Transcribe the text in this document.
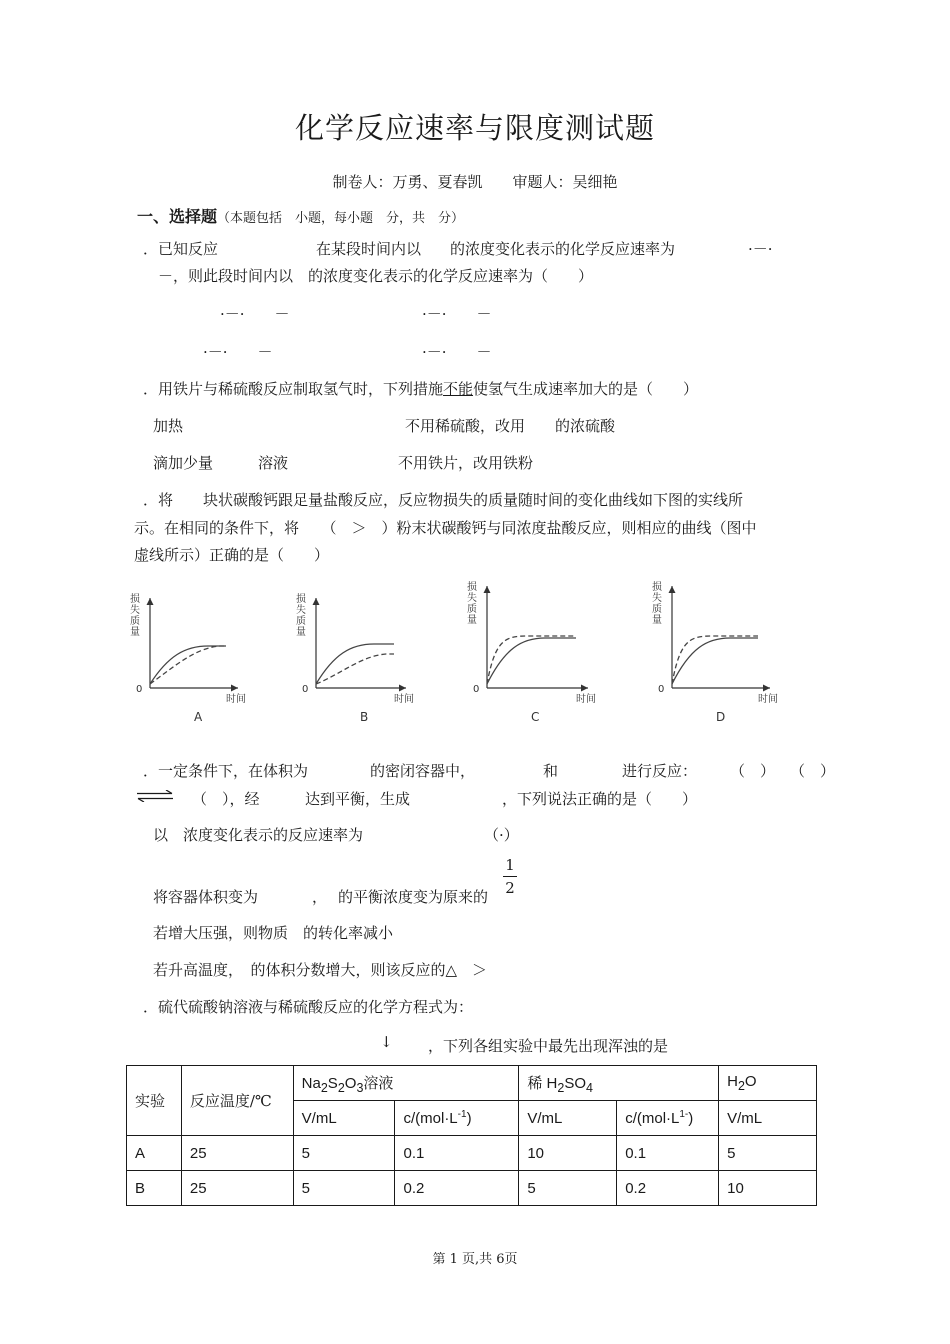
化学反应速率与限度测试题
制卷人：万勇、夏春凯　　审题人：吴细艳
一、选择题（本题包括　小题，每小题　分，共　分）
．已知反应	在某段时间内以 的浓度变化表示的化学反应速率为	·－·
－，则此段时间内以　的浓度变化表示的化学反应速率为（　　）
·－·　　－	·－·　　－
·－·　　－	·－·　　－
．用铁片与稀硫酸反应制取氢气时，下列措施不能使氢气生成速率加大的是（　　）
加热	不用稀硫酸，改用　　的浓硫酸
滴加少量　　　溶液	不用铁片，改用铁粉
．将　　块状碳酸钙跟足量盐酸反应，反应物损失的质量随时间的变化曲线如下图的实线所
示。在相同的条件下，将　　（　＞　）粉末状碳酸钙与同浓度盐酸反应，则相应的曲线（图中
虚线所示）正确的是（　　）
损
失
质
量
0
时间
A
损
失
质
量
0
时间
B
损
失
质
量
0
时间
C
损
失
质
量
0
时间
D
．一定条件下，在体积为	的密闭容器中，	和	进行反应： （　）　　（　）
⇌ （　），经	达到平衡，生成	，下列说法正确的是（　　）
以　浓度变化表示的反应速率为	（·）
将容器体积变为	， 的平衡浓度变为原来的
1
2
若增大压强，则物质　的转化率减小
若升高温度，　的体积分数增大，则该反应的△　＞
．硫代硫酸钠溶液与稀硫酸反应的化学方程式为：
↓ ，下列各组实验中最先出现浑浊的是
实验	反应温度/℃	$Na_2S_2O_3$溶液		稀 $H_2SO_4$		$H_2O$
		V/mL	$c/(mol\cdot L^{-1})$	V/mL	$c/(mol\cdot L^{1-})$	V/mL
A	25	5	0.1	10	0.1	5
B	25	5	0.2	5	0.2	10
第 1 页,共 6页
